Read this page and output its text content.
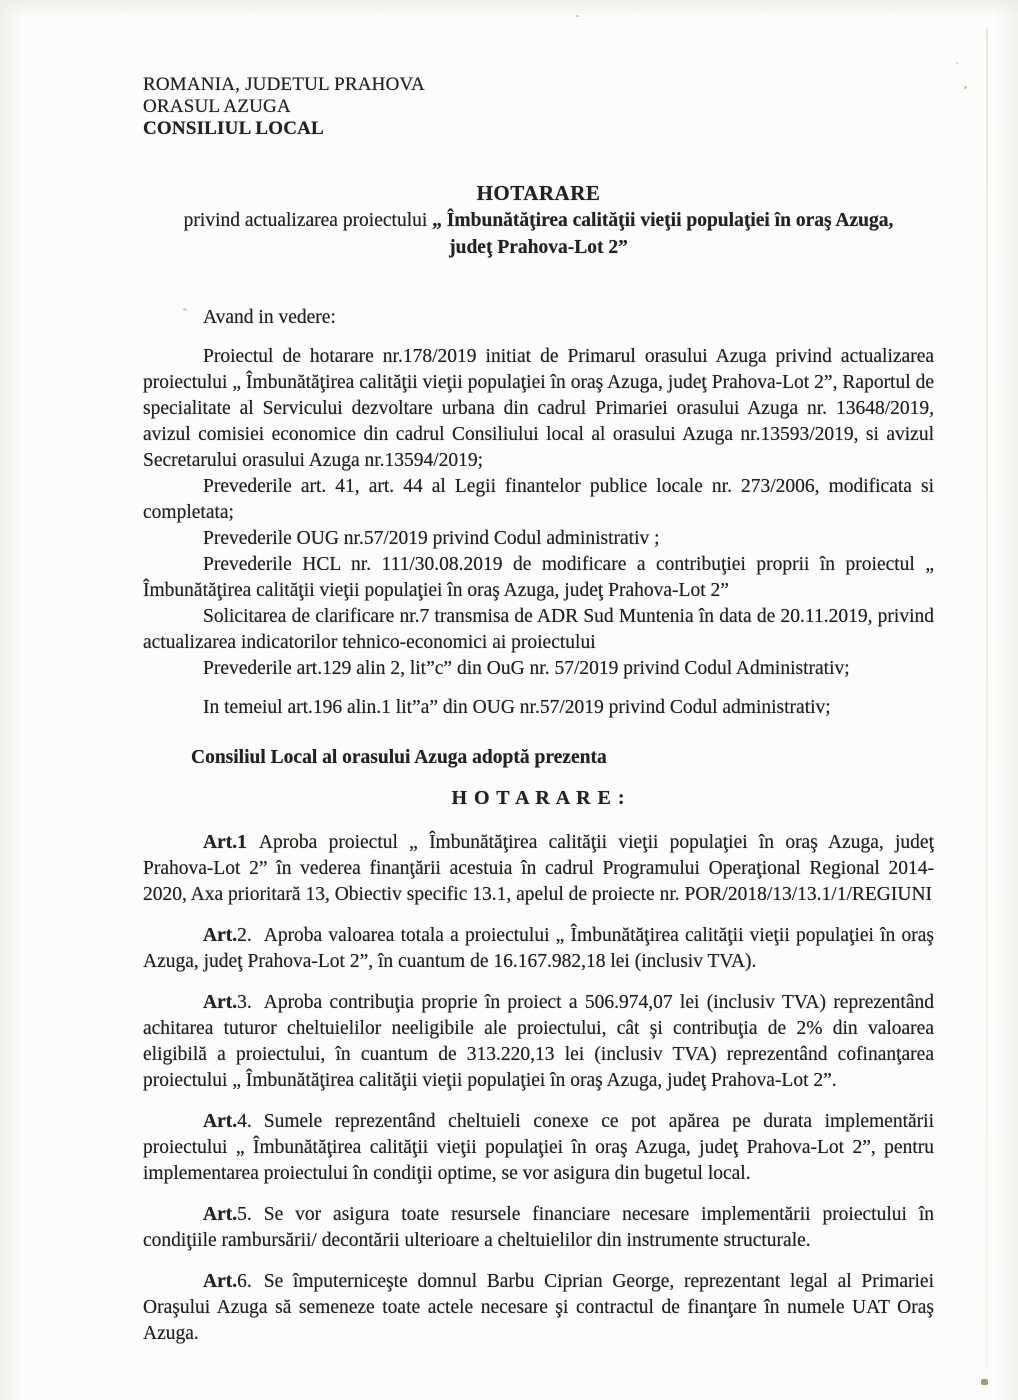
ROMANIA, JUDETUL PRAHOVA
ORASUL AZUGA
CONSILIUL LOCAL
HOTARARE

privind actualizarea proiectului „ Îmbunătăţirea calităţii vieţii populaţiei în oraş Azuga,

judeţ Prahova-Lot 2”

Avand in vedere:

Proiectul de hotarare nr.178/2019 initiat de Primarul orasului Azuga privind actualizarea proiectului „ Îmbunătăţirea calităţii vieţii populaţiei în oraş Azuga, judeţ Prahova-Lot 2”, Raportul de specialitate al Servicului dezvoltare urbana din cadrul Primariei orasului Azuga nr. 13648/2019, avizul comisiei economice din cadrul Consiliului local al orasului Azuga nr.13593/2019, si avizul Secretarului orasului Azuga nr.13594/2019;

Prevederile art. 41, art. 44 al Legii finantelor publice locale nr. 273/2006, modificata si completata;

Prevederile OUG nr.57/2019 privind Codul administrativ ;

Prevederile HCL nr. 111/30.08.2019 de modificare a contribuţiei proprii în proiectul „ Îmbunătăţirea calităţii vieţii populaţiei în oraş Azuga, judeţ Prahova-Lot 2”

Solicitarea de clarificare nr.7 transmisa de ADR Sud Muntenia în data de 20.11.2019, privind actualizarea indicatorilor tehnico-economici ai proiectului

Prevederile art.129 alin 2, lit”c” din OuG nr. 57/2019 privind Codul Administrativ;

In temeiul art.196 alin.1 lit”a” din OUG nr.57/2019 privind Codul administrativ;

Consiliul Local al orasului Azuga adoptă prezenta

H O T A R A R E :

Art.1 Aproba proiectul „ Îmbunătăţirea calităţii vieţii populaţiei în oraş Azuga, judeţ Prahova-Lot 2” în vederea finanţării acestuia în cadrul Programului Operaţional Regional 2014-2020, Axa prioritară 13, Obiectiv specific 13.1, apelul de proiecte nr. POR/2018/13/13.1/1/REGIUNI

Art.2. Aproba valoarea totala a proiectului „ Îmbunătăţirea calităţii vieţii populaţiei în oraş Azuga, judeţ Prahova-Lot 2”, în cuantum de 16.167.982,18 lei (inclusiv TVA).

Art.3. Aproba contribuţia proprie în proiect a 506.974,07 lei (inclusiv TVA) reprezentând achitarea tuturor cheltuielilor neeligibile ale proiectului, cât şi contribuţia de 2% din valoarea eligibilă a proiectului, în cuantum de 313.220,13 lei (inclusiv TVA) reprezentând cofinanţarea proiectului „ Îmbunătăţirea calităţii vieţii populaţiei în oraş Azuga, judeţ Prahova-Lot 2”.

Art.4. Sumele reprezentând cheltuieli conexe ce pot apărea pe durata implementării proiectului „ Îmbunătăţirea calităţii vieţii populaţiei în oraş Azuga, judeţ Prahova-Lot 2”, pentru implementarea proiectului în condiţii optime, se vor asigura din bugetul local.

Art.5. Se vor asigura toate resursele financiare necesare implementării proiectului în condiţiile rambursării/ decontării ulterioare a cheltuielilor din instrumente structurale.

Art.6. Se împuterniceşte domnul Barbu Ciprian George, reprezentant legal al Primariei Oraşului Azuga să semeneze toate actele necesare şi contractul de finanţare în numele UAT Oraş Azuga.
